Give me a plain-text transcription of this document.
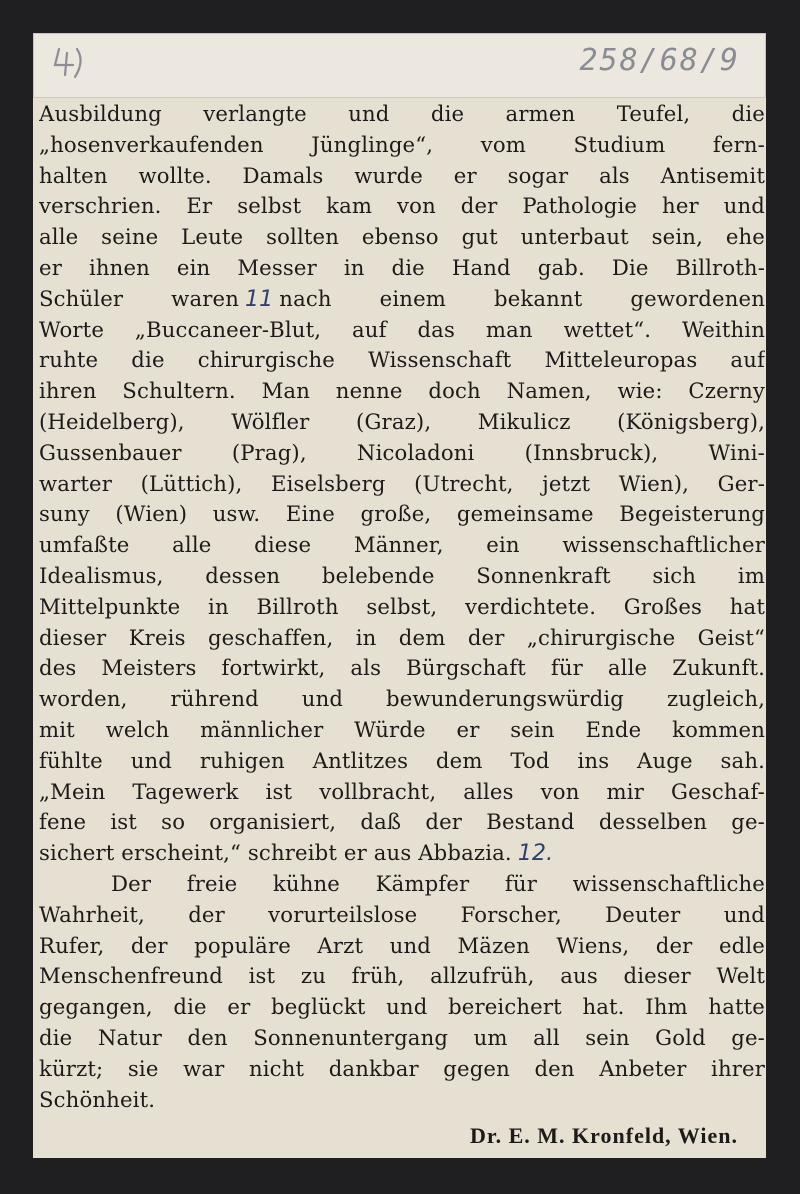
258/68/9
Ausbildung verlangte und die armen Teufel, die
„hosenverkaufenden Jünglinge“, vom Studium fern-
halten wollte. Damals wurde er sogar als Antisemit
verschrien. Er selbst kam von der Pathologie her und
alle seine Leute sollten ebenso gut unterbaut sein, ehe
er ihnen ein Messer in die Hand gab. Die Billroth-
Schüler waren 11 nach einem bekannt gewordenen
Worte „Buccaneer-Blut, auf das man wettet“. Weithin
ruhte die chirurgische Wissenschaft Mitteleuropas auf
ihren Schultern. Man nenne doch Namen, wie: Czerny
(Heidelberg), Wölfler (Graz), Mikulicz (Königsberg),
Gussenbauer (Prag), Nicoladoni (Innsbruck), Wini-
warter (Lüttich), Eiselsberg (Utrecht, jetzt Wien), Ger-
suny (Wien) usw. Eine große, gemeinsame Begeisterung
umfaßte alle diese Männer, ein wissenschaftlicher
Idealismus, dessen belebende Sonnenkraft sich im
Mittelpunkte in Billroth selbst, verdichtete. Großes hat
dieser Kreis geschaffen, in dem der „chirurgische Geist“
des Meisters fortwirkt, als Bürgschaft für alle Zukunft.
worden, rührend und bewunderungswürdig zugleich,
mit welch männlicher Würde er sein Ende kommen
fühlte und ruhigen Antlitzes dem Tod ins Auge sah.
„Mein Tagewerk ist vollbracht, alles von mir Geschaf-
fene ist so organisiert, daß der Bestand desselben ge-
sichert erscheint,“ schreibt er aus Abbazia. 12.
Der freie kühne Kämpfer für wissenschaftliche
Wahrheit, der vorurteilslose Forscher, Deuter und
Rufer, der populäre Arzt und Mäzen Wiens, der edle
Menschenfreund ist zu früh, allzufrüh, aus dieser Welt
gegangen, die er beglückt und bereichert hat. Ihm hatte
die Natur den Sonnenuntergang um all sein Gold ge-
kürzt; sie war nicht dankbar gegen den Anbeter ihrer
Schönheit.
Dr. E. M. Kronfeld, Wien.
